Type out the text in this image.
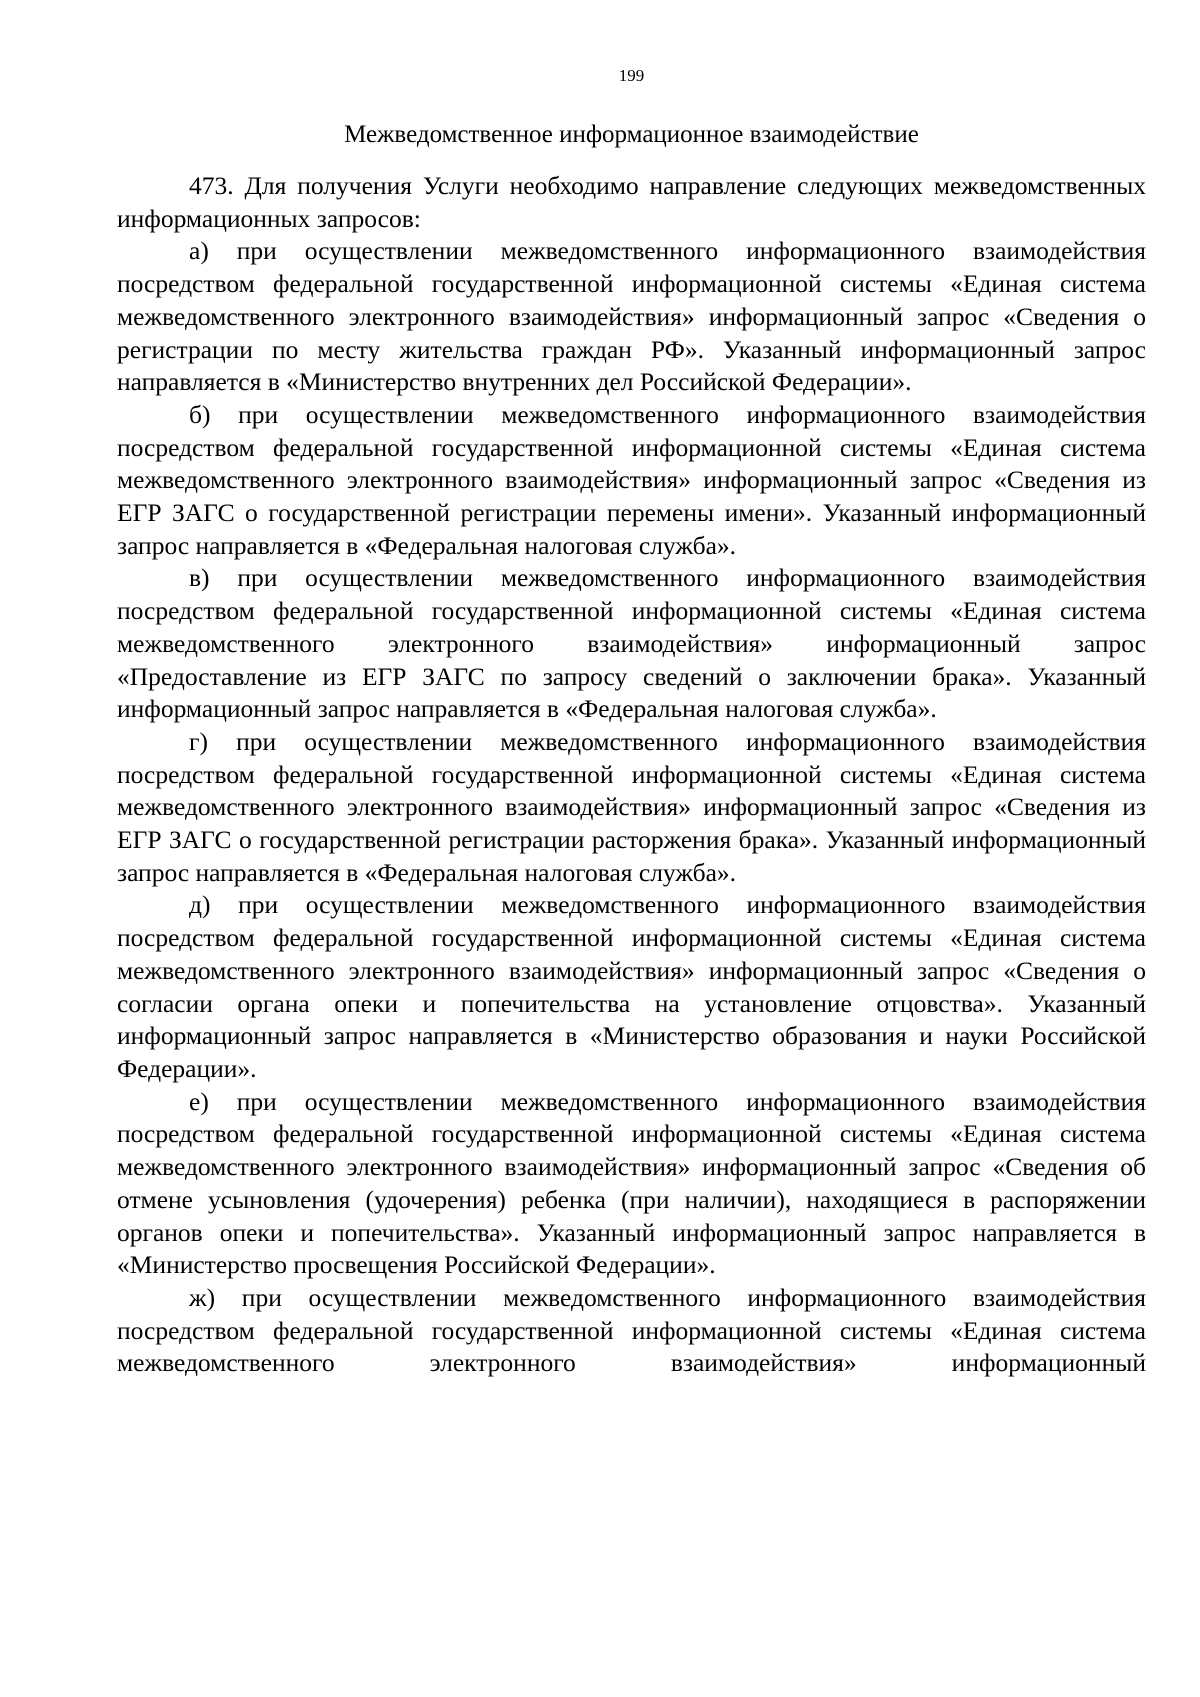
199
Межведомственное информационное взаимодействие

473. Для получения Услуги необходимо направление следующих межведомственных информационных запросов:

а) при осуществлении межведомственного информационного взаимодействия посредством федеральной государственной информационной системы «Единая система межведомственного электронного взаимодействия» информационный запрос «Сведения о регистрации по месту жительства граждан РФ». Указанный информационный запрос направляется в «Министерство внутренних дел Российской Федерации».

б) при осуществлении межведомственного информационного взаимодействия посредством федеральной государственной информационной системы «Единая система межведомственного электронного взаимодействия» информационный запрос «Сведения из ЕГР ЗАГС о государственной регистрации перемены имени». Указанный информационный запрос направляется в «Федеральная налоговая служба».

в) при осуществлении межведомственного информационного взаимодействия посредством федеральной государственной информационной системы «Единая система межведомственного электронного взаимодействия» информационный запрос «Предоставление из ЕГР ЗАГС по запросу сведений о заключении брака». Указанный информационный запрос направляется в «Федеральная налоговая служба».

г) при осуществлении межведомственного информационного взаимодействия посредством федеральной государственной информационной системы «Единая система межведомственного электронного взаимодействия» информационный запрос «Сведения из ЕГР ЗАГС о государственной регистрации расторжения брака». Указанный информационный запрос направляется в «Федеральная налоговая служба».

д) при осуществлении межведомственного информационного взаимодействия посредством федеральной государственной информационной системы «Единая система межведомственного электронного взаимодействия» информационный запрос «Сведения о согласии органа опеки и попечительства на установление отцовства». Указанный информационный запрос направляется в «Министерство образования и науки Российской Федерации».

е) при осуществлении межведомственного информационного взаимодействия посредством федеральной государственной информационной системы «Единая система межведомственного электронного взаимодействия» информационный запрос «Сведения об отмене усыновления (удочерения) ребенка (при наличии), находящиеся в распоряжении органов опеки и попечительства». Указанный информационный запрос направляется в «Министерство просвещения Российской Федерации».

ж) при осуществлении межведомственного информационного взаимодействия посредством федеральной государственной информационной системы «Единая система межведомственного электронного взаимодействия» информационный
